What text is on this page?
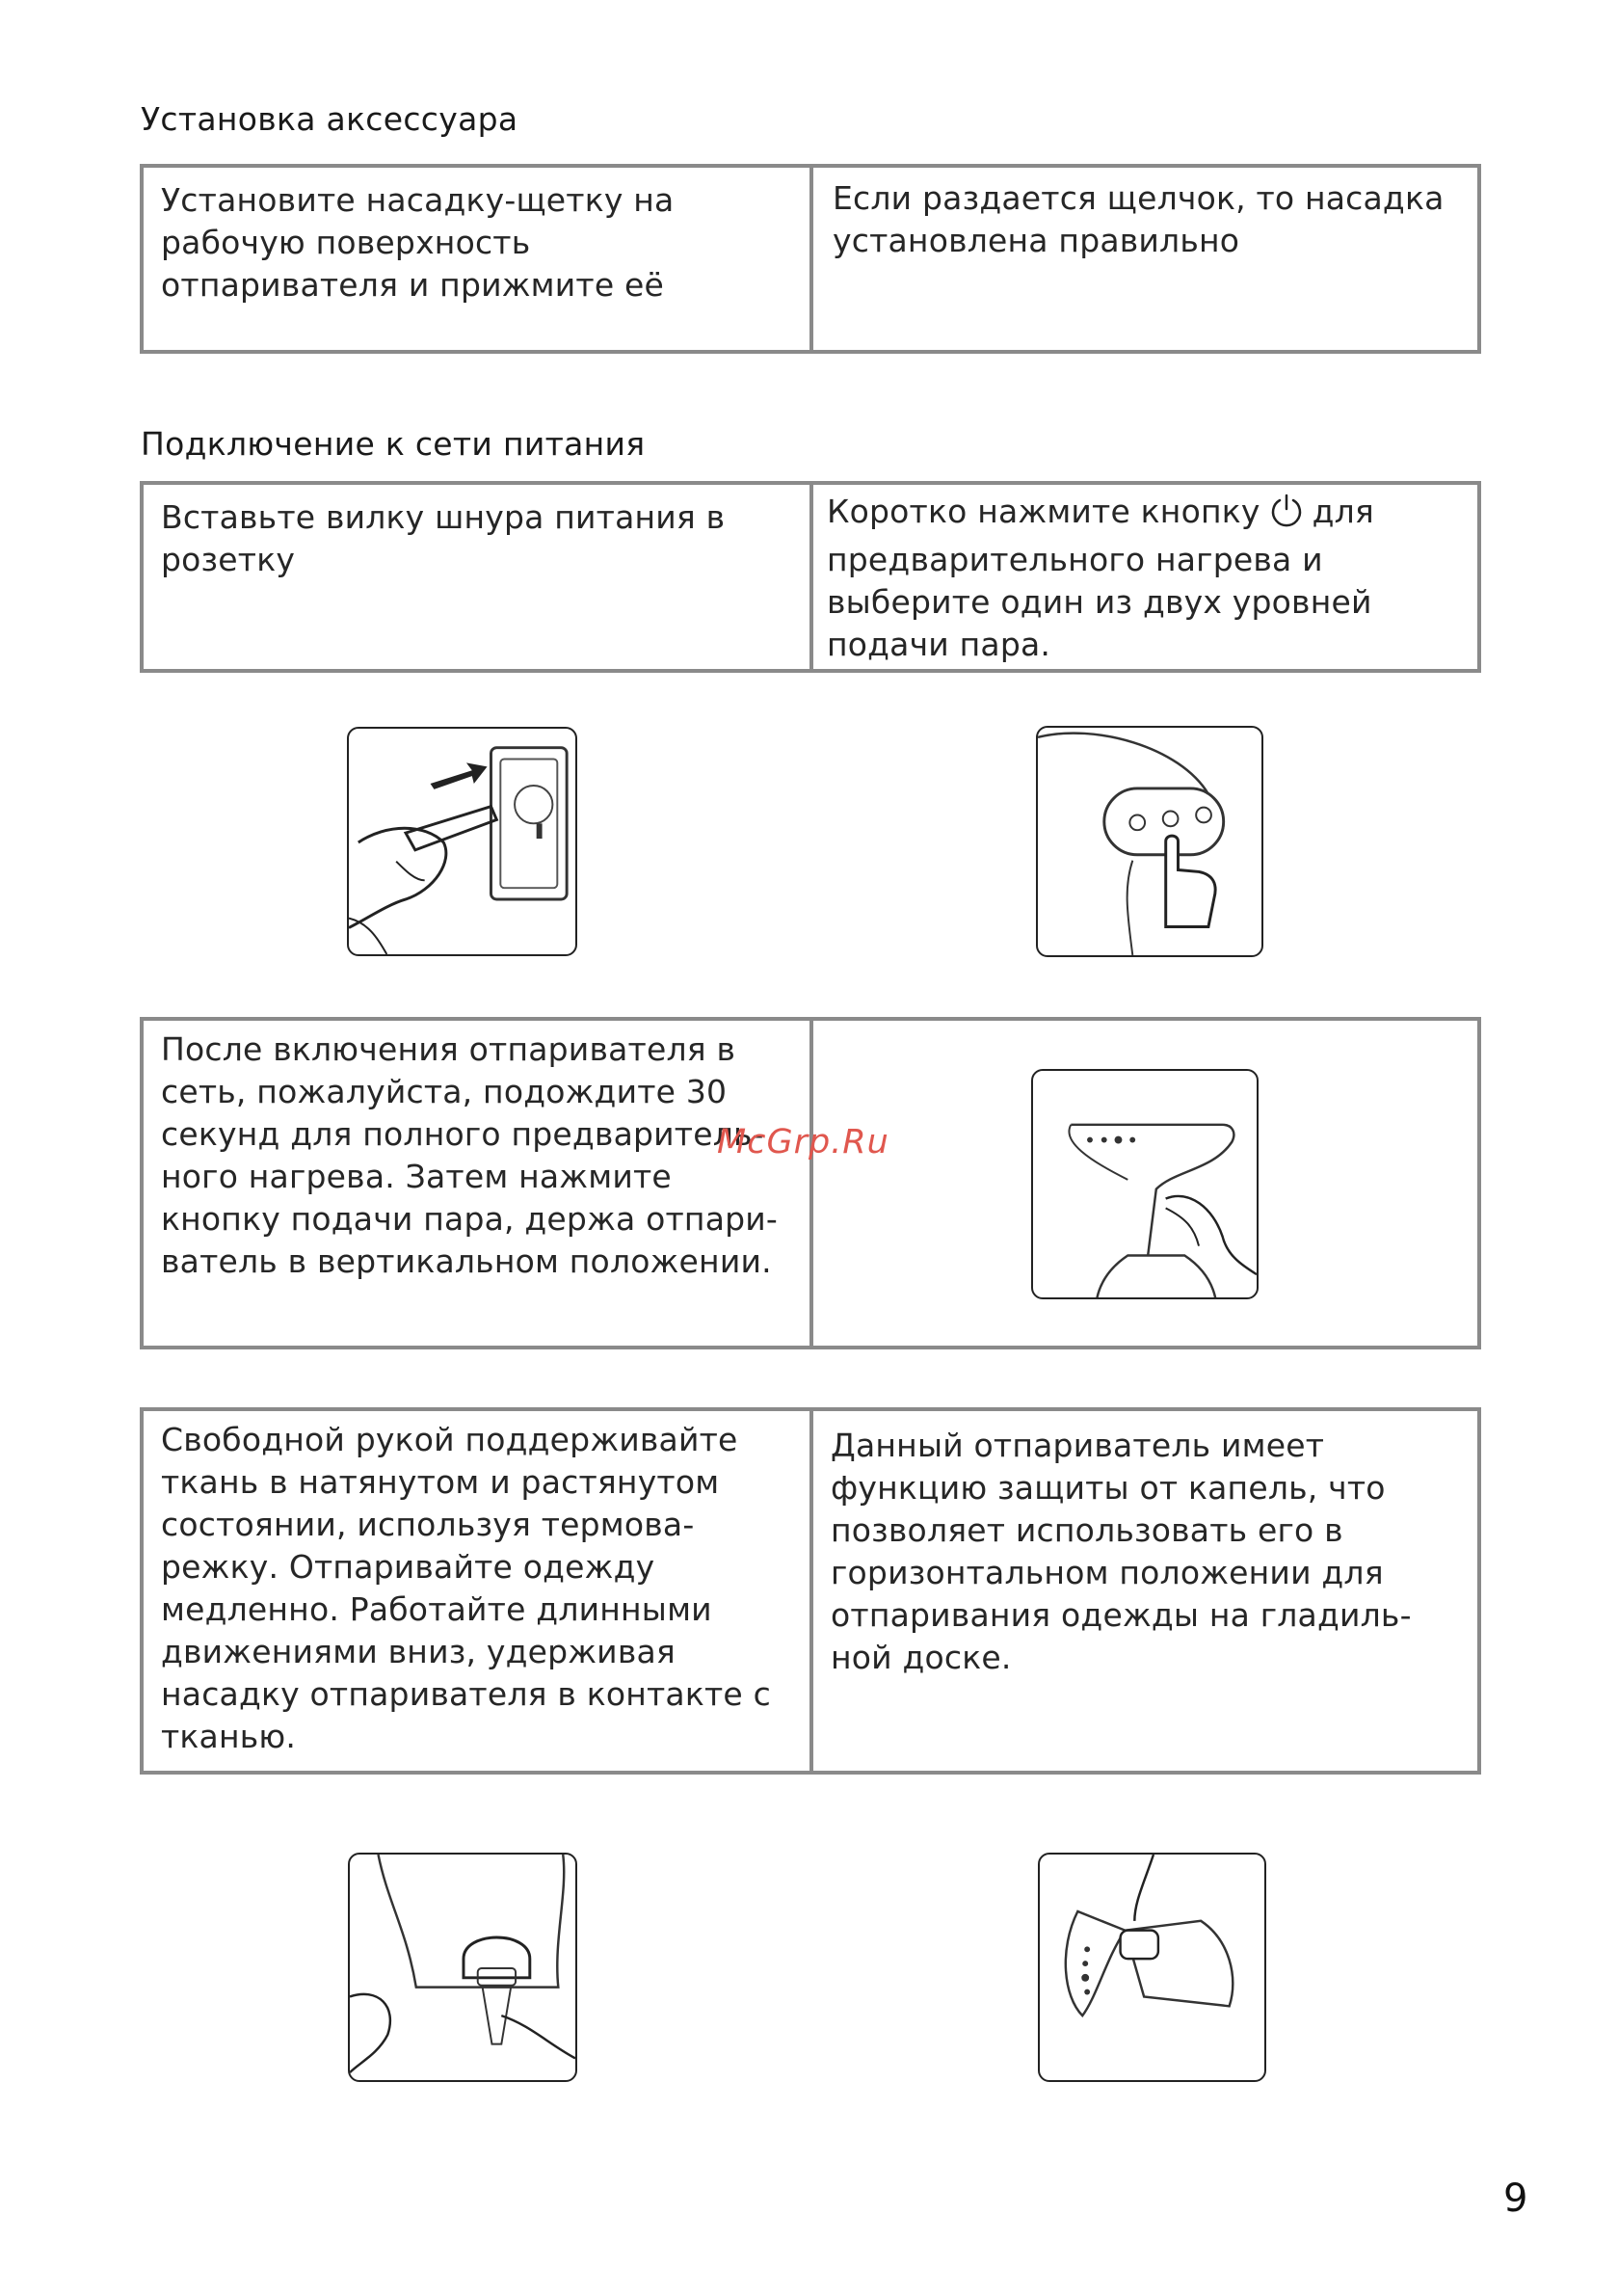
Установка аксессуара
Установите насадку-щетку на
рабочую поверхность
отпаривателя и прижмите её
Если раздается щелчок, то насадка
установлена правильно
Подключение к сети питания
Вставьте вилку шнура питания в
розетку
Коротко нажмите кнопку для
предварительного нагрева и
выберите один из двух уровней
подачи пара.
После включения отпаривателя в
сеть, пожалуйста, подождите 30
секунд для полного предваритель-
ного нагрева. Затем нажмите
кнопку подачи пара, держа отпари-
ватель в вертикальном положении.

Свободной рукой поддерживайте
ткань в натянутом и растянутом
состоянии, используя термова-
режку. Отпаривайте одежду
медленно. Работайте длинными
движениями вниз, удерживая
насадку отпаривателя в контакте с
тканью.
Данный отпариватель имеет
функцию защиты от капель, что
позволяет использовать его в
горизонтальном положении для
отпаривания одежды на гладиль-
ной доске.
McGrp.Ru
9
